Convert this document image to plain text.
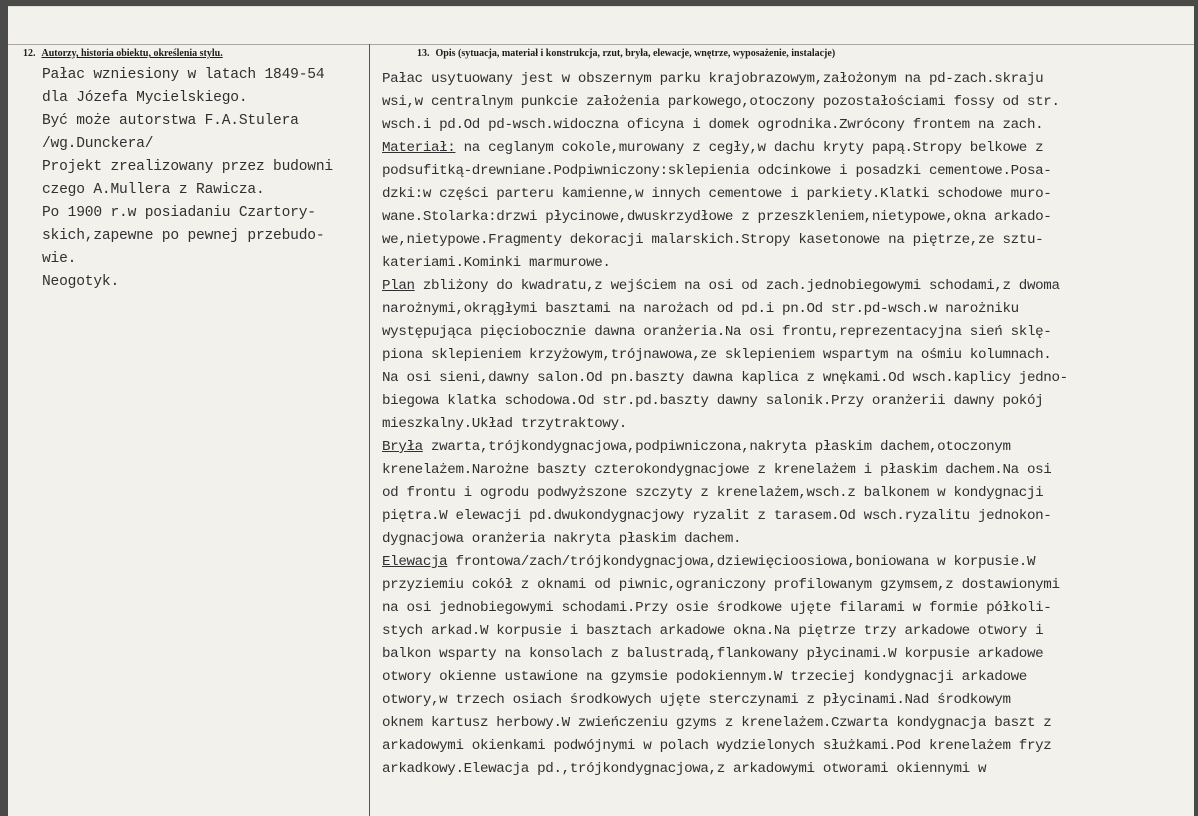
12. Autorzy, historia obiektu, określenia stylu.	13. Opis (sytuacja, materiał i konstrukcja, rzut, bryła, elewacje, wnętrze, wyposażenie, instalacje)
Pałac wzniesiony w latach 1849-54
dla Józefa Mycielskiego.
Być może autorstwa F.A.Stulera
/wg.Dunckera/
Projekt zrealizowany przez budowni
czego A.Mullera z Rawicza.
Po 1900 r.w posiadaniu Czartory-
skich,zapewne po pewnej przebudo-
wie.
Neogotyk.
Pałac usytuowany jest w obszernym parku krajobrazowym,założonym na pd-zach.skraju
wsi,w centralnym punkcie założenia parkowego,otoczony pozostałościami fossy od str.
wsch.i pd.Od pd-wsch.widoczna oficyna i domek ogrodnika.Zwrócony frontem na zach.
Materiał: na ceglanym cokole,murowany z cegły,w dachu kryty papą.Stropy belkowe z
podsufitką-drewniane.Podpiwniczony:sklepienia odcinkowe i posadzki cementowe.Posa-
dzki:w części parteru kamienne,w innych cementowe i parkiety.Klatki schodowe muro-
wane.Stolarka:drzwi płycinowe,dwuskrzydłowe z przeszkleniem,nietypowe,okna arkado-
we,nietypowe.Fragmenty dekoracji malarskich.Stropy kasetonowe na piętrze,ze sztu-
kateriami.Kominki marmurowe.
Plan zbliżony do kwadratu,z wejściem na osi od zach.jednobiegowymi schodami,z dwoma
narożnymi,okrągłymi basztami na narożach od pd.i pn.Od str.pd-wsch.w narożniku
występująca pięciobocznie dawna oranżeria.Na osi frontu,reprezentacyjna sień sklę-
piona sklepieniem krzyżowym,trójnawowa,ze sklepieniem wspartym na ośmiu kolumnach.
Na osi sieni,dawny salon.Od pn.baszty dawna kaplica z wnękami.Od wsch.kaplicy jedno-
biegowa klatka schodowa.Od str.pd.baszty dawny salonik.Przy oranżerii dawny pokój
mieszkalny.Układ trzytraktowy.
Bryła zwarta,trójkondygnacjowa,podpiwniczona,nakryta płaskim dachem,otoczonym
krenelażem.Narożne baszty czterokondygnacjowe z krenelażem i płaskim dachem.Na osi
od frontu i ogrodu podwyższone szczyty z krenelażem,wsch.z balkonem w kondygnacji
piętra.W elewacji pd.dwukondygnacjowy ryzalit z tarasem.Od wsch.ryzalitu jednokon-
dygnacjowa oranżeria nakryta płaskim dachem.
Elewacja frontowa/zach/trójkondygnacjowa,dziewięcioosiowa,boniowana w korpusie.W
przyziemiu cokół z oknami od piwnic,ograniczony profilowanym gzymsem,z dostawionymi
na osi jednobiegowymi schodami.Przy osie środkowe ujęte filarami w formie półkoli-
stych arkad.W korpusie i basztach arkadowe okna.Na piętrze trzy arkadowe otwory i
balkon wsparty na konsolach z balustradą,flankowany płycinami.W korpusie arkadowe
otwory okienne ustawione na gzymsie podokiennym.W trzeciej kondygnacji arkadowe
otwory,w trzech osiach środkowych ujęte sterczynami z płycinami.Nad środkowym
oknem kartusz herbowy.W zwieńczeniu gzyms z krenelażem.Czwarta kondygnacja baszt z
arkadowymi okienkami podwójnymi w polach wydzielonych służkami.Pod krenelażem fryz
arkadkowy.Elewacja pd.,trójkondygnacjowa,z arkadowymi otworami okiennymi w
